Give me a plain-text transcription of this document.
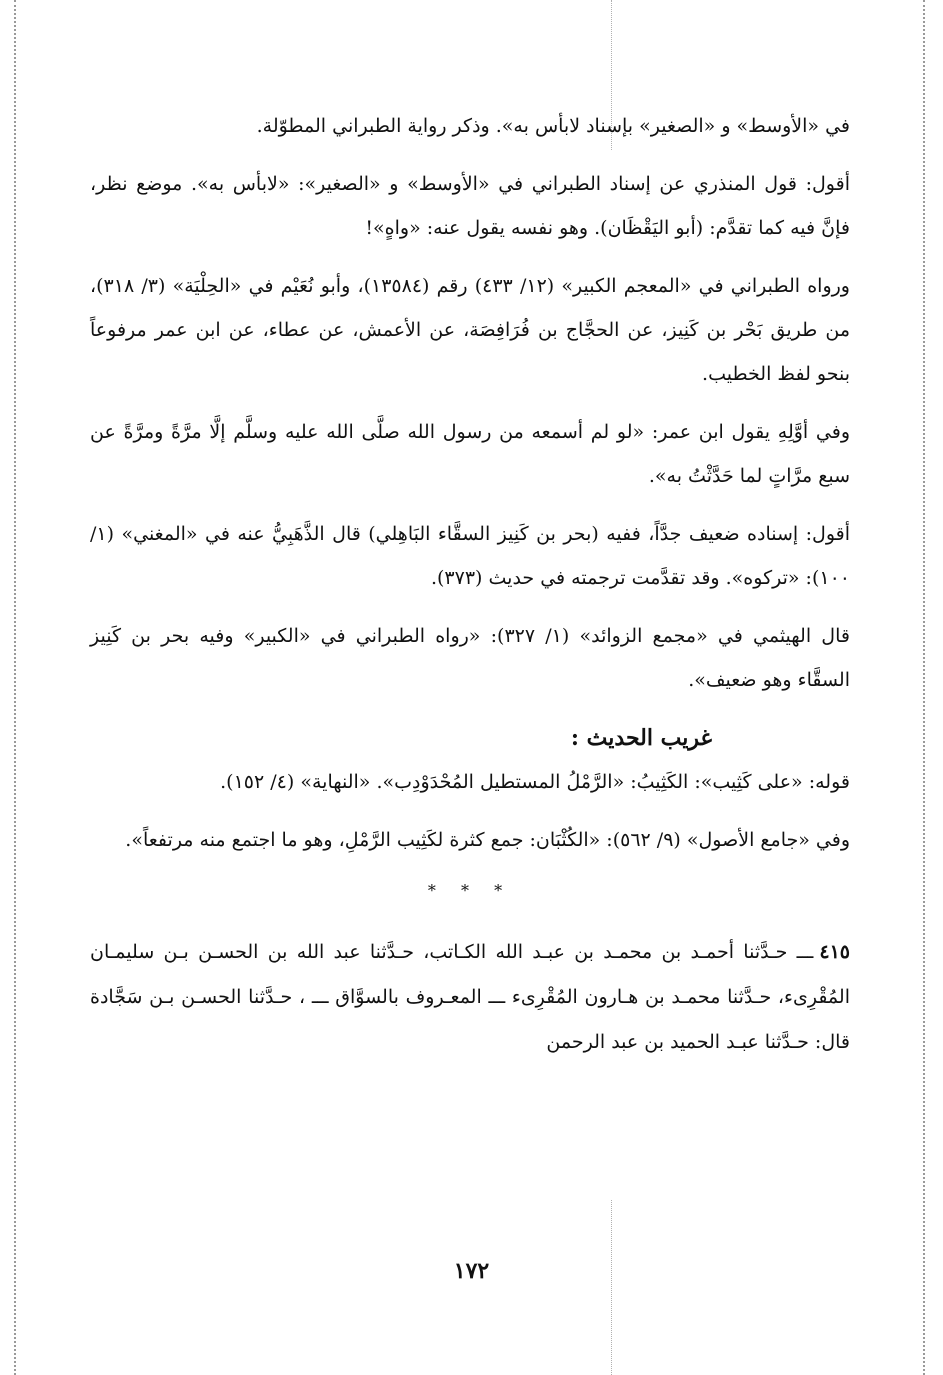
في «الأوسط» و «الصغير» بإسناد لابأس به». وذكر رواية الطبراني المطوّلة.

أقول: قول المنذري عن إسناد الطبراني في «الأوسط» و «الصغير»: «لابأس به». موضع نظر، فإنَّ فيه كما تقدَّم: (أبو اليَقْظَان). وهو نفسه يقول عنه: «واهٍ»!

ورواه الطبراني في «المعجم الكبير» (١٢/ ٤٣٣) رقم (١٣٥٨٤)، وأبو نُعَيْم في «الحِلْيَة» (٣/ ٣١٨)، من طريق بَحْر بن كَنِيز، عن الحجَّاج بن فُرَافِصَة، عن الأعمش، عن عطاء، عن ابن عمر مرفوعاً بنحو لفظ الخطيب.

وفي أوَّلِهِ يقول ابن عمر: «لو لم أسمعه من رسول الله صلَّى الله عليه وسلَّم إلَّا مرَّةً ومرَّةً عن سبع مرَّاتٍ لما حَدَّثْتُ به».

أقول: إسناده ضعيف جدَّاً، ففيه (بحر بن كَنِيز السقَّاء البَاهِلي) قال الذَّهَبِيُّ عنه في «المغني» (١/ ١٠٠): «تركوه». وقد تقدَّمت ترجمته في حديث (٣٧٣).

قال الهيثمي في «مجمع الزوائد» (١/ ٣٢٧): «رواه الطبراني في «الكبير» وفيه بحر بن كَنِيز السقَّاء وهو ضعيف».

غريب الحديث :

قوله: «على كَثِيب»: الكَثِيبُ: «الرَّمْلُ المستطيل المُحْدَوْدِب». «النهاية» (٤/ ١٥٢).

وفي «جامع الأصول» (٩/ ٥٦٢): «الكُثْبَان: جمع كثرة لكَثِيب الرَّمْلِ، وهو ما اجتمع منه مرتفعاً».

* * *

٤١٥ـــ حـدَّثنا أحمـد بن محمـد بن عبـد الله الكـاتب، حـدَّثنا عبد الله بن الحسـن بـن سليمـان المُقْرِىء، حـدَّثنا محمـد بن هـارون المُقْرِىء ـــ المعـروف بالسوَّاق ـــ ، حـدَّثنا الحسـن بـن سَجَّادة قال: حـدَّثنا عبـد الحميد بن عبد الرحمن

١٧٢
